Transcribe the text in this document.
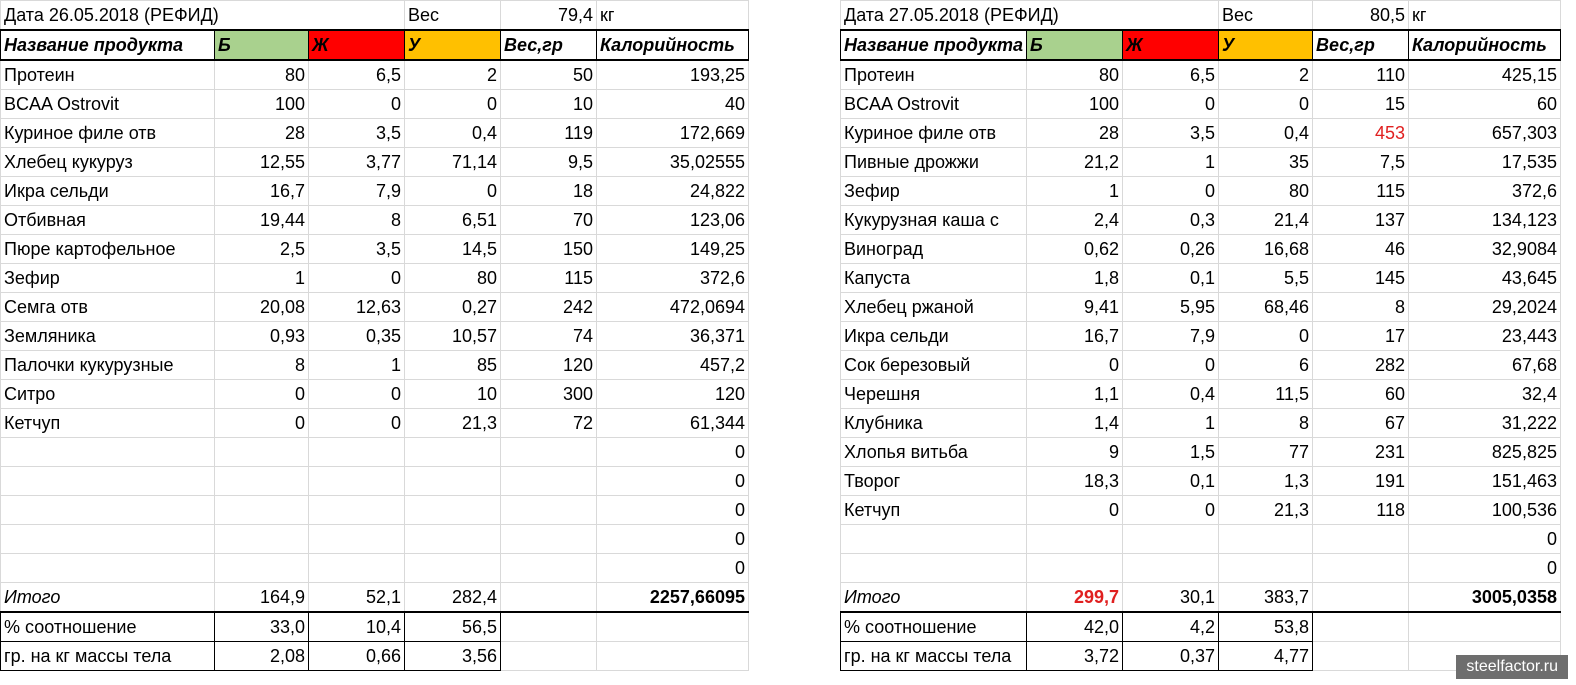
Дата 26.05.2018 (РЕФИД)			Вес	79,4	кг
Название продукта	Б	Ж	У	Вес,гр	Калорийность
Протеин	80	6,5	2	50	193,25
BCAA Ostrovit	100	0	0	10	40
Куриное филе отв	28	3,5	0,4	119	172,669
Хлебец кукуруз	12,55	3,77	71,14	9,5	35,02555
Икра сельди	16,7	7,9	0	18	24,822
Отбивная	19,44	8	6,51	70	123,06
Пюре картофельное	2,5	3,5	14,5	150	149,25
Зефир	1	0	80	115	372,6
Семга отв	20,08	12,63	0,27	242	472,0694
Земляника	0,93	0,35	10,57	74	36,371
Палочки кукурузные	8	1	85	120	457,2
Ситро	0	0	10	300	120
Кетчуп	0	0	21,3	72	61,344
					0
					0
					0
					0
					0
Итого	164,9	52,1	282,4		2257,66095
% соотношение	33,0	10,4	56,5		
гр. на кг массы тела	2,08	0,66	3,56		
Дата 27.05.2018 (РЕФИД)			Вес	80,5	кг
Название продукта	Б	Ж	У	Вес,гр	Калорийность
Протеин	80	6,5	2	110	425,15
BCAA Ostrovit	100	0	0	15	60
Куриное филе отв	28	3,5	0,4	453	657,303
Пивные дрожжи	21,2	1	35	7,5	17,535
Зефир	1	0	80	115	372,6
Кукурузная каша с	2,4	0,3	21,4	137	134,123
Виноград	0,62	0,26	16,68	46	32,9084
Капуста	1,8	0,1	5,5	145	43,645
Хлебец ржаной	9,41	5,95	68,46	8	29,2024
Икра сельди	16,7	7,9	0	17	23,443
Сок березовый	0	0	6	282	67,68
Черешня	1,1	0,4	11,5	60	32,4
Клубника	1,4	1	8	67	31,222
Хлопья витьба	9	1,5	77	231	825,825
Творог	18,3	0,1	1,3	191	151,463
Кетчуп	0	0	21,3	118	100,536
					0
					0
Итого	299,7	30,1	383,7		3005,0358
% соотношение	42,0	4,2	53,8		
гр. на кг массы тела	3,72	0,37	4,77		
steelfactor.ru
